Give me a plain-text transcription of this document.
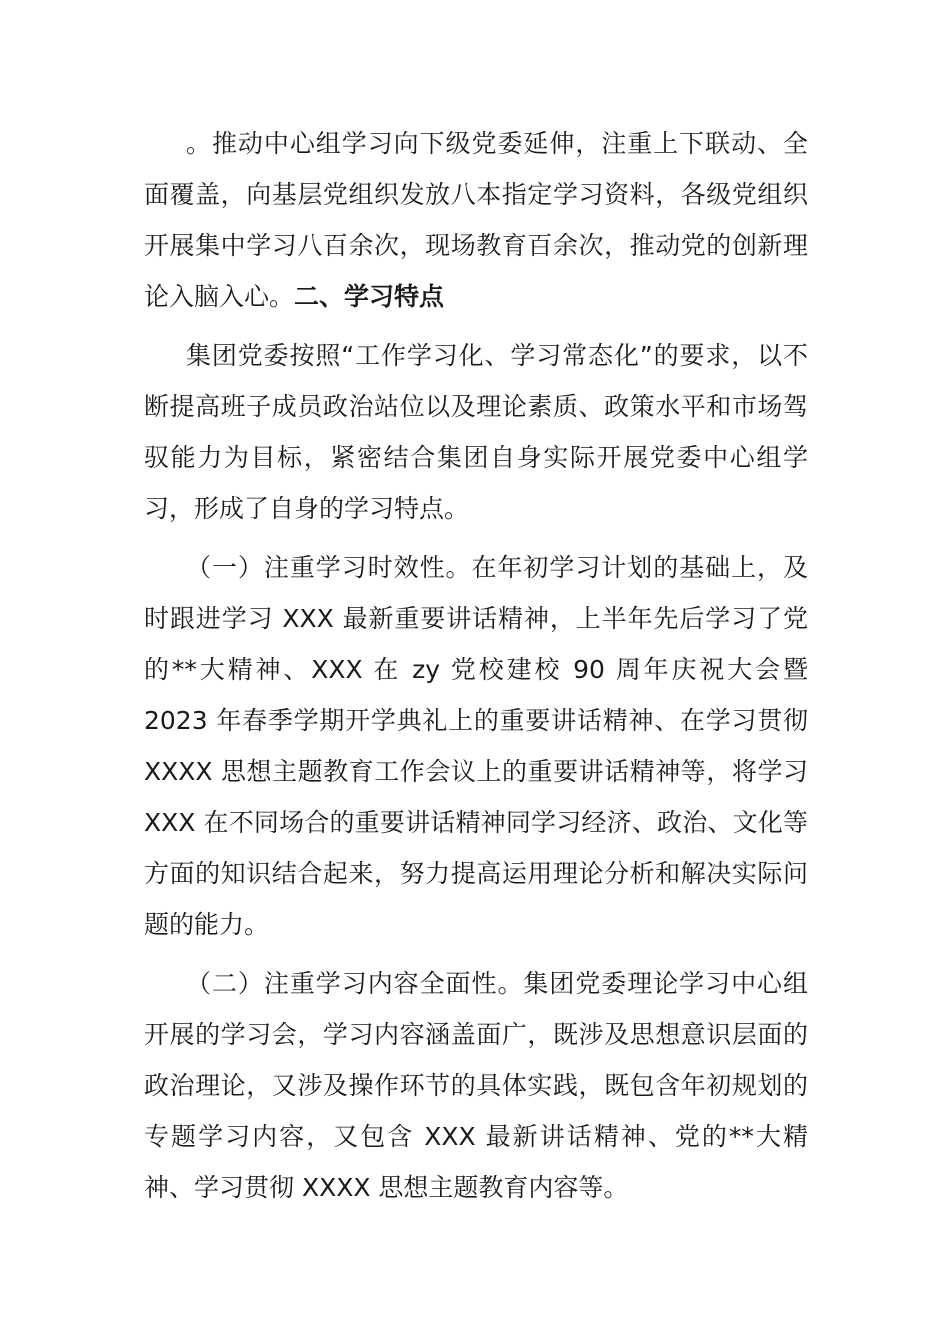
。推动中心组学习向下级党委延伸，注重上下联动、全面覆盖，向基层党组织发放八本指定学习资料，各级党组织开展集中学习八百余次，现场教育百余次，推动党的创新理论入脑入心。二、学习特点

集团党委按照“工作学习化、学习常态化”的要求，以不断提高班子成员政治站位以及理论素质、政策水平和市场驾驭能力为目标，紧密结合集团自身实际开展党委中心组学习，形成了自身的学习特点。

（一）注重学习时效性。在年初学习计划的基础上，及时跟进学习 XXX 最新重要讲话精神，上半年先后学习了党的**大精神、XXX 在 zy 党校建校 90 周年庆祝大会暨 2023 年春季学期开学典礼上的重要讲话精神、在学习贯彻 XXXX 思想主题教育工作会议上的重要讲话精神等，将学习 XXX 在不同场合的重要讲话精神同学习经济、政治、文化等方面的知识结合起来，努力提高运用理论分析和解决实际问题的能力。

（二）注重学习内容全面性。集团党委理论学习中心组开展的学习会，学习内容涵盖面广，既涉及思想意识层面的政治理论，又涉及操作环节的具体实践，既包含年初规划的专题学习内容，又包含 XXX 最新讲话精神、党的**大精神、学习贯彻 XXXX 思想主题教育内容等。
